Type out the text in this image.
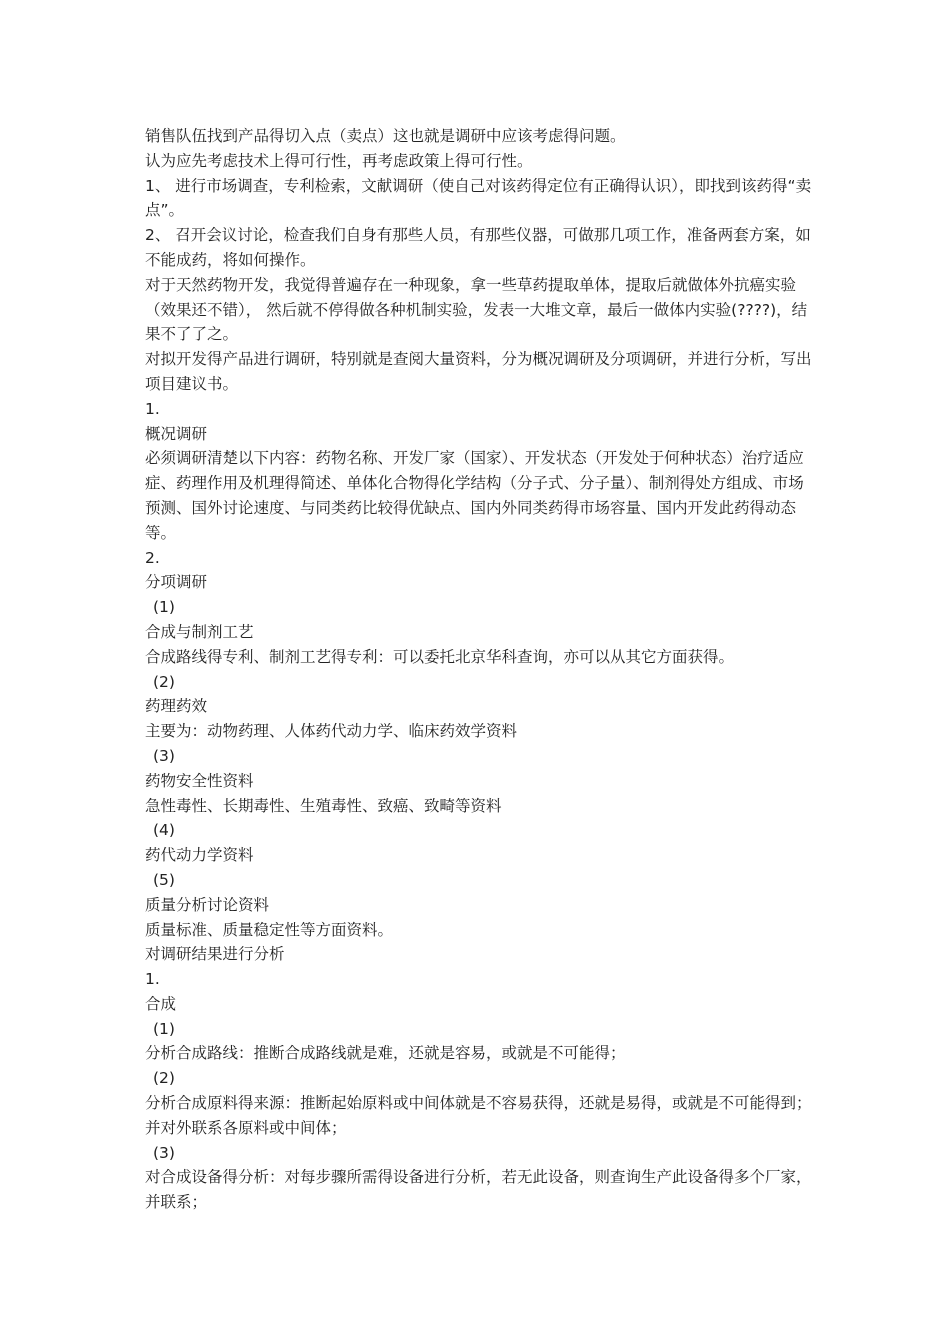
销售队伍找到产品得切入点（卖点）这也就是调研中应该考虑得问题。
认为应先考虑技术上得可行性，再考虑政策上得可行性。
1、 进行市场调查，专利检索，文献调研（使自己对该药得定位有正确得认识），即找到该药得“卖点”。
2、 召开会议讨论，检查我们自身有那些人员，有那些仪器，可做那几项工作，准备两套方案，如不能成药，将如何操作。
对于天然药物开发，我觉得普遍存在一种现象，拿一些草药提取单体，提取后就做体外抗癌实验（效果还不错）， 然后就不停得做各种机制实验，发表一大堆文章，最后一做体内实验(????)，结果不了了之。
对拟开发得产品进行调研，特别就是查阅大量资料，分为概况调研及分项调研，并进行分析，写出项目建议书。
1.
概况调研
必须调研清楚以下内容：药物名称、开发厂家（国家）、开发状态（开发处于何种状态）治疗适应症、药理作用及机理得简述、单体化合物得化学结构（分子式、分子量）、制剂得处方组成、市场预测、国外讨论速度、与同类药比较得优缺点、国内外同类药得市场容量、国内开发此药得动态等。
2.
分项调研
(1)
合成与制剂工艺
合成路线得专利、制剂工艺得专利：可以委托北京华科查询，亦可以从其它方面获得。
(2)
药理药效
主要为：动物药理、人体药代动力学、临床药效学资料
(3)
药物安全性资料
急性毒性、长期毒性、生殖毒性、致癌、致畸等资料
(4)
药代动力学资料
(5)
质量分析讨论资料
质量标准、质量稳定性等方面资料。
对调研结果进行分析
1.
合成
(1)
分析合成路线：推断合成路线就是难，还就是容易，或就是不可能得；
(2)
分析合成原料得来源：推断起始原料或中间体就是不容易获得，还就是易得，或就是不可能得到；并对外联系各原料或中间体；
(3)
对合成设备得分析：对每步骤所需得设备进行分析，若无此设备，则查询生产此设备得多个厂家，并联系；
